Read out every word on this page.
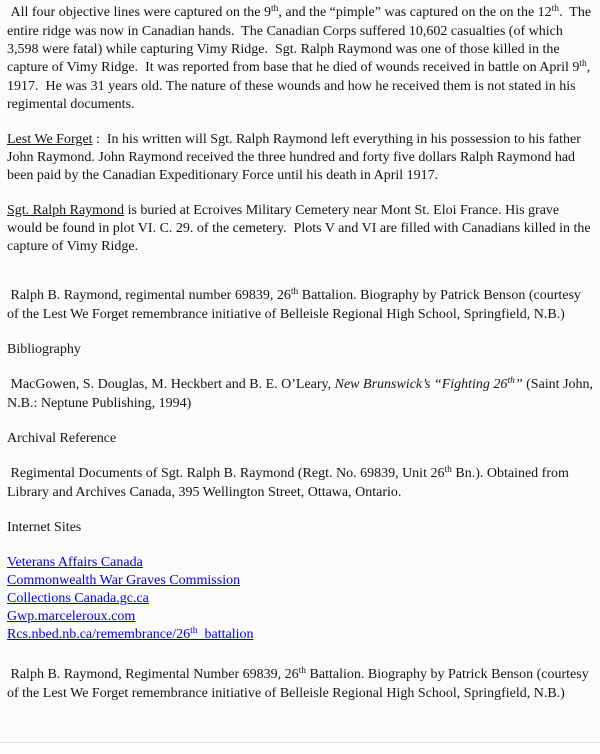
All four objective lines were captured on the 9th, and the “pimple” was captured on the on the 12th.  The entire ridge was now in Canadian hands.  The Canadian Corps suffered 10,602 casualties (of which 3,598 were fatal) while capturing Vimy Ridge.  Sgt. Ralph Raymond was one of those killed in the capture of Vimy Ridge.  It was reported from base that he died of wounds received in battle on April 9th, 1917.  He was 31 years old. The nature of these wounds and how he received them is not stated in his regimental documents.

Lest We Forget :  In his written will Sgt. Ralph Raymond left everything in his possession to his father John Raymond. John Raymond received the three hundred and forty five dollars Ralph Raymond had been paid by the Canadian Expeditionary Force until his death in April 1917.

Sgt. Ralph Raymond is buried at Ecroives Military Cemetery near Mont St. Eloi France. His grave would be found in plot VI. C. 29. of the cemetery.  Plots V and VI are filled with Canadians killed in the capture of Vimy Ridge.

Ralph B. Raymond, regimental number 69839, 26th Battalion. Biography by Patrick Benson (courtesy of the Lest We Forget remembrance initiative of Belleisle Regional High School, Springfield, N.B.)

Bibliography

MacGowen, S. Douglas, M. Heckbert and B. E. O’Leary, New Brunswick’s “Fighting 26th” (Saint John, N.B.: Neptune Publishing, 1994)

Archival Reference

Regimental Documents of Sgt. Ralph B. Raymond (Regt. No. 69839, Unit 26th Bn.). Obtained from Library and Archives Canada, 395 Wellington Street, Ottawa, Ontario.

Internet Sites

Veterans Affairs Canada

Commonwealth War Graves Commission

Collections Canada.gc.ca

Gwp.marceleroux.com

Rcs.nbed.nb.ca/remembrance/26th_battalion

Ralph B. Raymond, Regimental Number 69839, 26th Battalion. Biography by Patrick Benson (courtesy of the Lest We Forget remembrance initiative of Belleisle Regional High School, Springfield, N.B.)
